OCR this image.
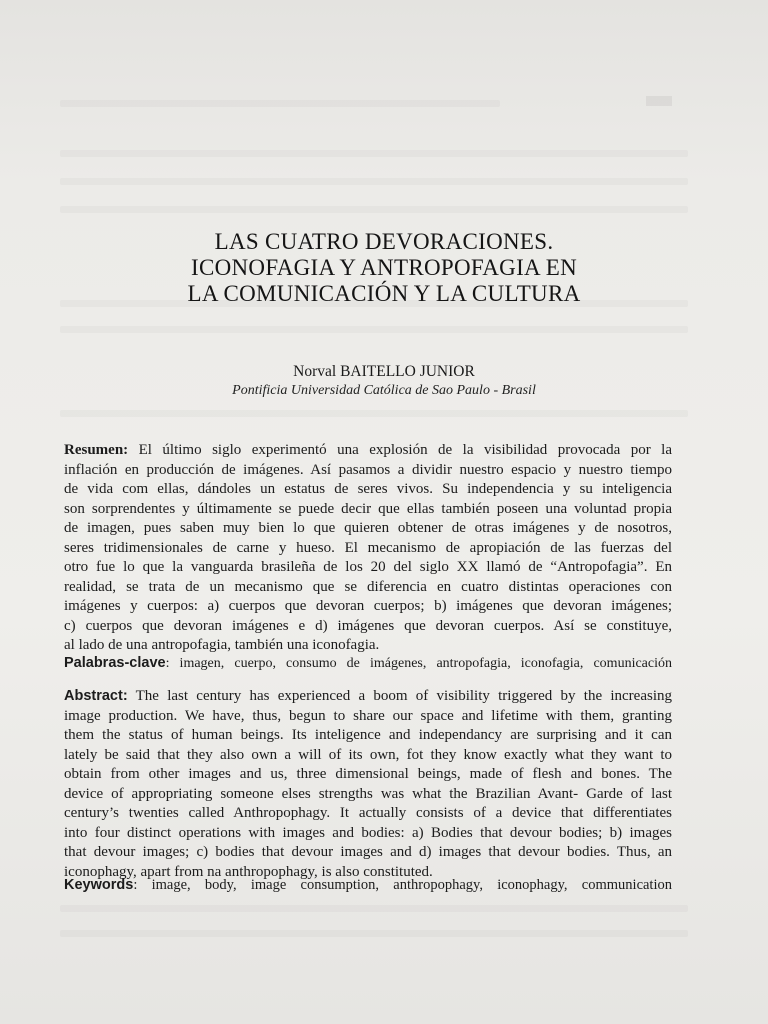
LAS CUATRO DEVORACIONES.
ICONOFAGIA Y ANTROPOFAGIA EN
LA COMUNICACIÓN Y LA CULTURA
Norval BAITELLO JUNIOR
Pontificia Universidad Católica de Sao Paulo - Brasil
Resumen: El último siglo experimentó una explosión de la visibilidad provocada por la
inflación en producción de imágenes. Así pasamos a dividir nuestro espacio y nuestro tiempo
de vida com ellas, dándoles un estatus de seres vivos. Su independencia y su inteligencia
son sorprendentes y últimamente se puede decir que ellas también poseen una voluntad propia
de imagen, pues saben muy bien lo que quieren obtener de otras imágenes y de nosotros,
seres tridimensionales de carne y hueso. El mecanismo de apropiación de las fuerzas del
otro fue lo que la vanguarda brasileña de los 20 del siglo XX llamó de “Antropofagia”. En
realidad, se trata de un mecanismo que se diferencia en cuatro distintas operaciones con
imágenes y cuerpos: a) cuerpos que devoran cuerpos; b) imágenes que devoran imágenes;
c) cuerpos que devoran imágenes e d) imágenes que devoran cuerpos. Así se constituye,
al lado de una antropofagia, también una iconofagia.
Palabras-clave: imagen, cuerpo, consumo de imágenes, antropofagia, iconofagia, comunicación
Abstract: The last century has experienced a boom of visibility triggered by the increasing
image production. We have, thus, begun to share our space and lifetime with them, granting
them the status of human beings. Its inteligence and independancy are surprising and it can
lately be said that they also own a will of its own, fot they know exactly what they want to
obtain from other images and us, three dimensional beings, made of flesh and bones. The
device of appropriating someone elses strengths was what the Brazilian Avant- Garde of last
century’s twenties called Anthropophagy. It actually consists of a device that differentiates
into four distinct operations with images and bodies: a) Bodies that devour bodies; b) images
that devour images; c) bodies that devour images and d) images that devour bodies. Thus, an
iconophagy, apart from na anthropophagy, is also constituted.
Keywords: image, body, image consumption, anthropophagy, iconophagy, communication
